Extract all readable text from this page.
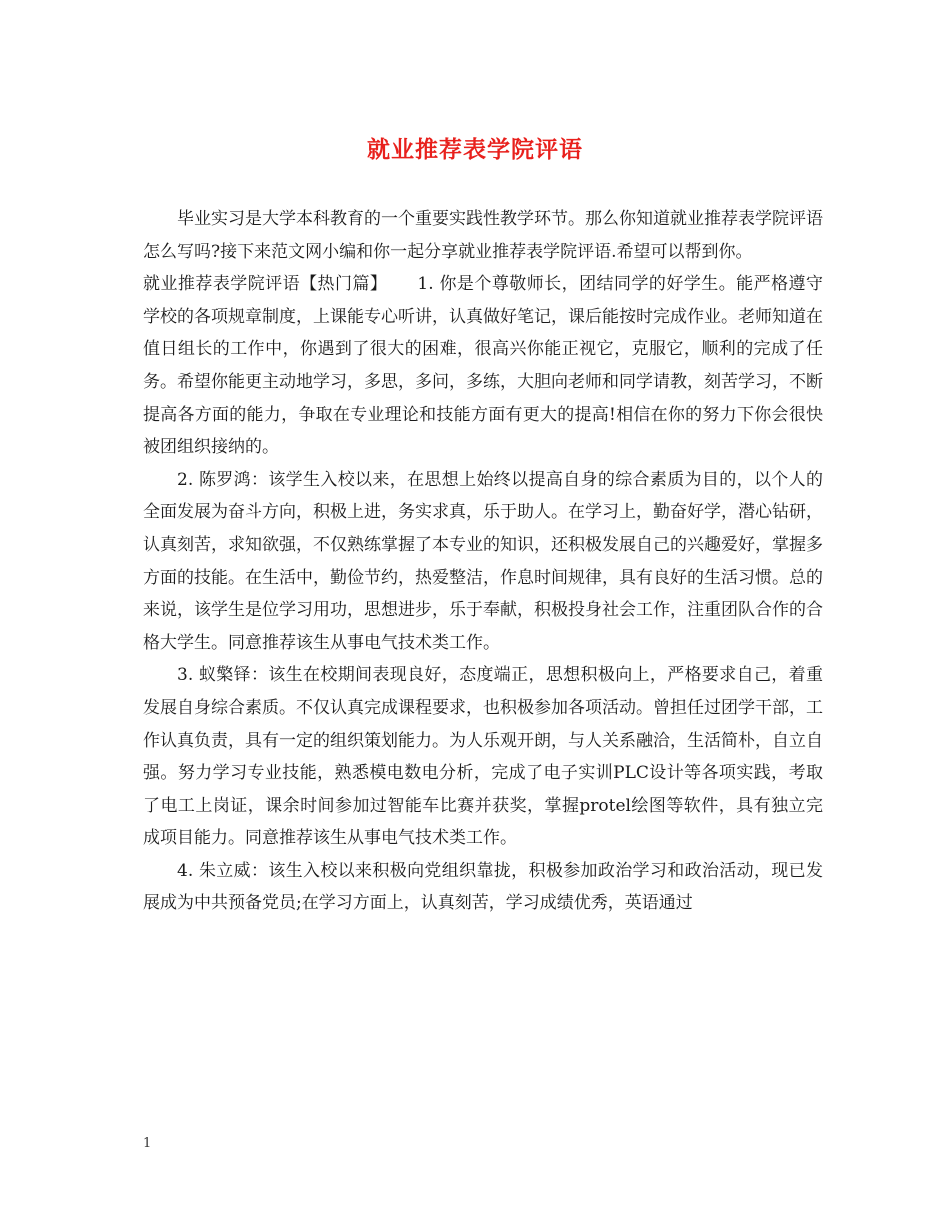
就业推荐表学院评语

毕业实习是大学本科教育的一个重要实践性教学环节。那么你知道就业推荐表学院评语怎么写吗?接下来范文网小编和你一起分享就业推荐表学院评语.希望可以帮到你。

就业推荐表学院评语【热门篇】 1. 你是个尊敬师长，团结同学的好学生。能严格遵守学校的各项规章制度，上课能专心听讲，认真做好笔记，课后能按时完成作业。老师知道在值日组长的工作中，你遇到了很大的困难，很高兴你能正视它，克服它，顺利的完成了任务。希望你能更主动地学习，多思，多问，多练，大胆向老师和同学请教，刻苦学习，不断提高各方面的能力，争取在专业理论和技能方面有更大的提高!相信在你的努力下你会很快被团组织接纳的。

2. 陈罗鸿：该学生入校以来，在思想上始终以提高自身的综合素质为目的，以个人的全面发展为奋斗方向，积极上进，务实求真，乐于助人。在学习上，勤奋好学，潜心钻研，认真刻苦，求知欲强，不仅熟练掌握了本专业的知识，还积极发展自己的兴趣爱好，掌握多方面的技能。在生活中，勤俭节约，热爱整洁，作息时间规律，具有良好的生活习惯。总的来说，该学生是位学习用功，思想进步，乐于奉献，积极投身社会工作，注重团队合作的合格大学生。同意推荐该生从事电气技术类工作。

3. 蚁檠铎：该生在校期间表现良好，态度端正，思想积极向上，严格要求自己，着重发展自身综合素质。不仅认真完成课程要求，也积极参加各项活动。曾担任过团学干部，工作认真负责，具有一定的组织策划能力。为人乐观开朗，与人关系融洽，生活简朴，自立自强。努力学习专业技能，熟悉模电数电分析，完成了电子实训PLC设计等各项实践，考取了电工上岗证，课余时间参加过智能车比赛并获奖，掌握protel绘图等软件，具有独立完成项目能力。同意推荐该生从事电气技术类工作。

4. 朱立威：该生入校以来积极向党组织靠拢，积极参加政治学习和政治活动，现已发展成为中共预备党员;在学习方面上，认真刻苦，学习成绩优秀，英语通过

1
